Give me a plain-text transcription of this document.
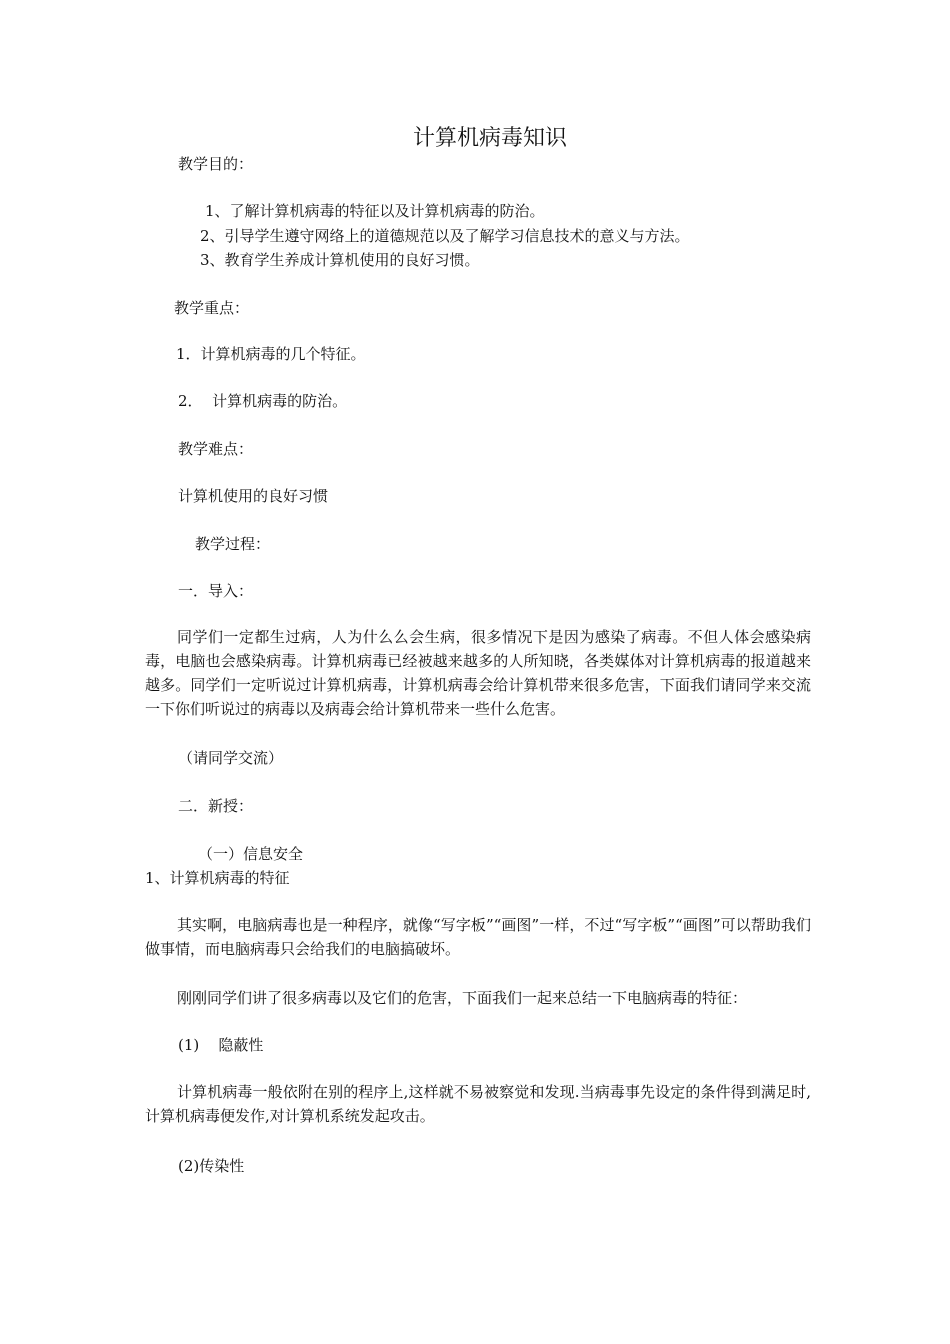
计算机病毒知识
教学目的：
1、了解计算机病毒的特征以及计算机病毒的防治。
2、引导学生遵守网络上的道德规范以及了解学习信息技术的意义与方法。
3、教育学生养成计算机使用的良好习惯。
教学重点：
1．计算机病毒的几个特征。
2．  计算机病毒的防治。
教学难点：
计算机使用的良好习惯
教学过程：
一．导入：
同学们一定都生过病，人为什么么会生病，很多情况下是因为感染了病毒。不但人体会感染病毒，电脑也会感染病毒。计算机病毒已经被越来越多的人所知晓，各类媒体对计算机病毒的报道越来越多。同学们一定听说过计算机病毒，计算机病毒会给计算机带来很多危害，下面我们请同学来交流一下你们听说过的病毒以及病毒会给计算机带来一些什么危害。
（请同学交流）
二．新授：
（一）信息安全
1、计算机病毒的特征
其实啊，电脑病毒也是一种程序，就像“写字板”“画图”一样，不过“写字板”“画图”可以帮助我们做事情，而电脑病毒只会给我们的电脑搞破坏。
刚刚同学们讲了很多病毒以及它们的危害，下面我们一起来总结一下电脑病毒的特征：
(1)    隐蔽性
计算机病毒一般依附在别的程序上,这样就不易被察觉和发现.当病毒事先设定的条件得到满足时,计算机病毒便发作,对计算机系统发起攻击。
(2)传染性
